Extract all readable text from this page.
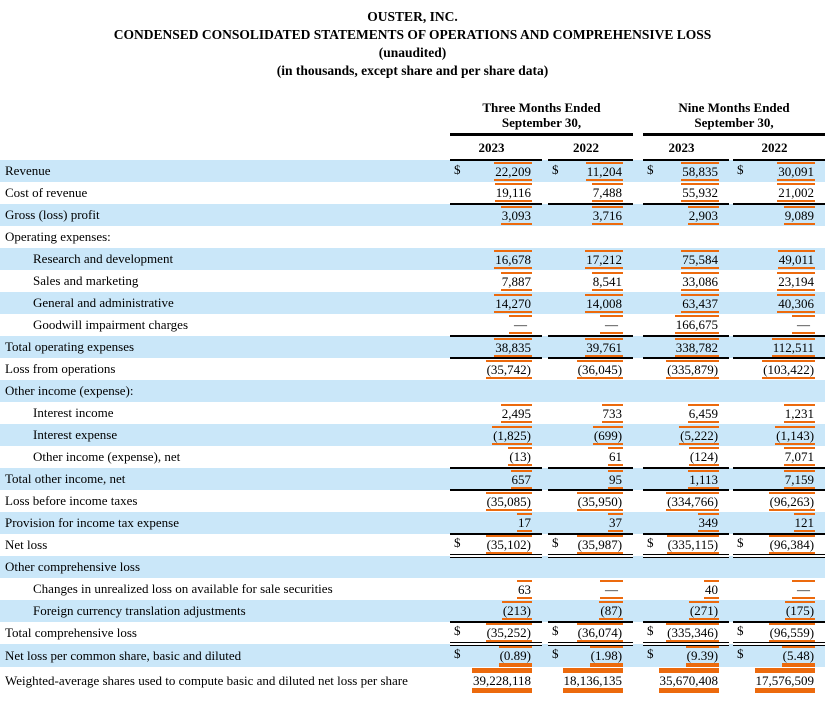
OUSTER, INC.
CONDENSED CONSOLIDATED STATEMENTS OF OPERATIONS AND COMPREHENSIVE LOSS
(unaudited)
(in thousands, except share and per share data)
	Three Months Ended September 30,				Nine Months Ended September 30,		
	2023		2022		2023		2022
Revenue	$ 22,209		$ 11,204		$ 58,835		$ 30,091
Cost of revenue	19,116		7,488		55,932		21,002
Gross (loss) profit	3,093		3,716		2,903		9,089
Operating expenses:	

Research and development	16,678		17,212		75,584		49,011
Sales and marketing	7,887		8,541		33,086		23,194
General and administrative	14,270		14,008		63,437		40,306
Goodwill impairment charges	—		—		166,675		—
Total operating expenses	38,835		39,761		338,782		112,511
Loss from operations	(35,742)		(36,045)		(335,879)		(103,422)
Other income (expense):	

Interest income	2,495		733		6,459		1,231
Interest expense	(1,825)		(699)		(5,222)		(1,143)
Other income (expense), net	(13)		61		(124)		7,071
Total other income, net	657		95		1,113		7,159
Loss before income taxes	(35,085)		(35,950)		(334,766)		(96,263)
Provision for income tax expense	17		37		349		121
Net loss	$ (35,102)		$ (35,987)		$ (335,115)		$ (96,384)
Other comprehensive loss	

Changes in unrealized loss on available for sale securities	63		—		40		—
Foreign currency translation adjustments	(213)		(87)		(271)		(175)
Total comprehensive loss	$ (35,252)		$ (36,074)		$ (335,346)		$ (96,559)
Net loss per common share, basic and diluted	$ (0.89)		$ (1.98)		$ (9.39)		$ (5.48)
Weighted-average shares used to compute basic and diluted net loss per share	39,228,118		18,136,135		35,670,408		17,576,509
